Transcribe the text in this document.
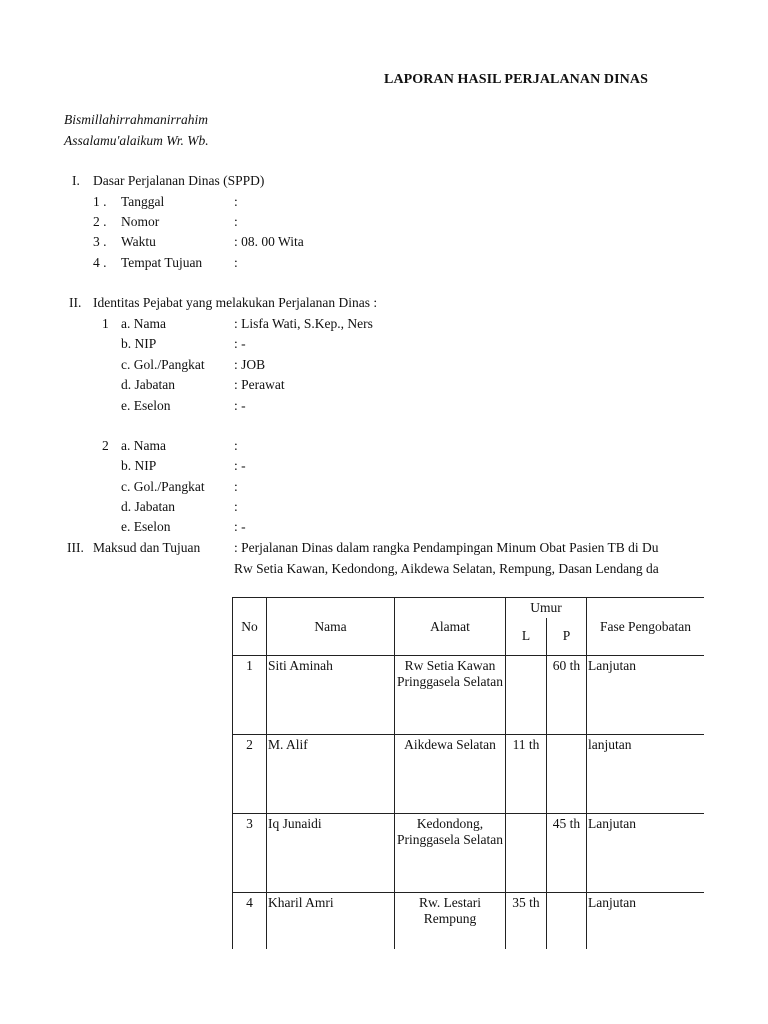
LAPORAN HASIL PERJALANAN DINAS
Bismillahirrahmanirrahim
Assalamu'alaikum Wr. Wb.
I. Dasar Perjalanan Dinas (SPPD)
1 . Tanggal	:
2 . Nomor	:
3 . Waktu	: 08. 00 Wita
4 . Tempat Tujuan :
II. Identitas Pejabat yang melakukan Perjalanan Dinas :
1 a. Nama	: Lisfa Wati, S.Kep., Ners
b. NIP	: -
c. Gol./Pangkat : JOB
d. Jabatan	: Perawat
e. Eselon	: -
2 a. Nama	:
b. NIP	: -
c. Gol./Pangkat :
d. Jabatan	:
e. Eselon	: -
III. Maksud dan Tujuan : Perjalanan Dinas dalam rangka Pendampingan Minum Obat Pasien TB di Du
Rw Setia Kawan, Kedondong, Aikdewa Selatan, Rempung, Dasan Lendang da
No	Nama	Alamat	Umur		Fase Pengobatan
			L	P	
1	Siti Aminah	Rw Setia Kawan
Pringgasela Selatan		60 th	Lanjutan
2	M. Alif	Aikdewa Selatan	11 th		lanjutan
3	Iq Junaidi	Kedondong,
Pringgasela Selatan		45 th	Lanjutan
4	Kharil Amri	Rw. Lestari
Rempung	35 th		Lanjutan
